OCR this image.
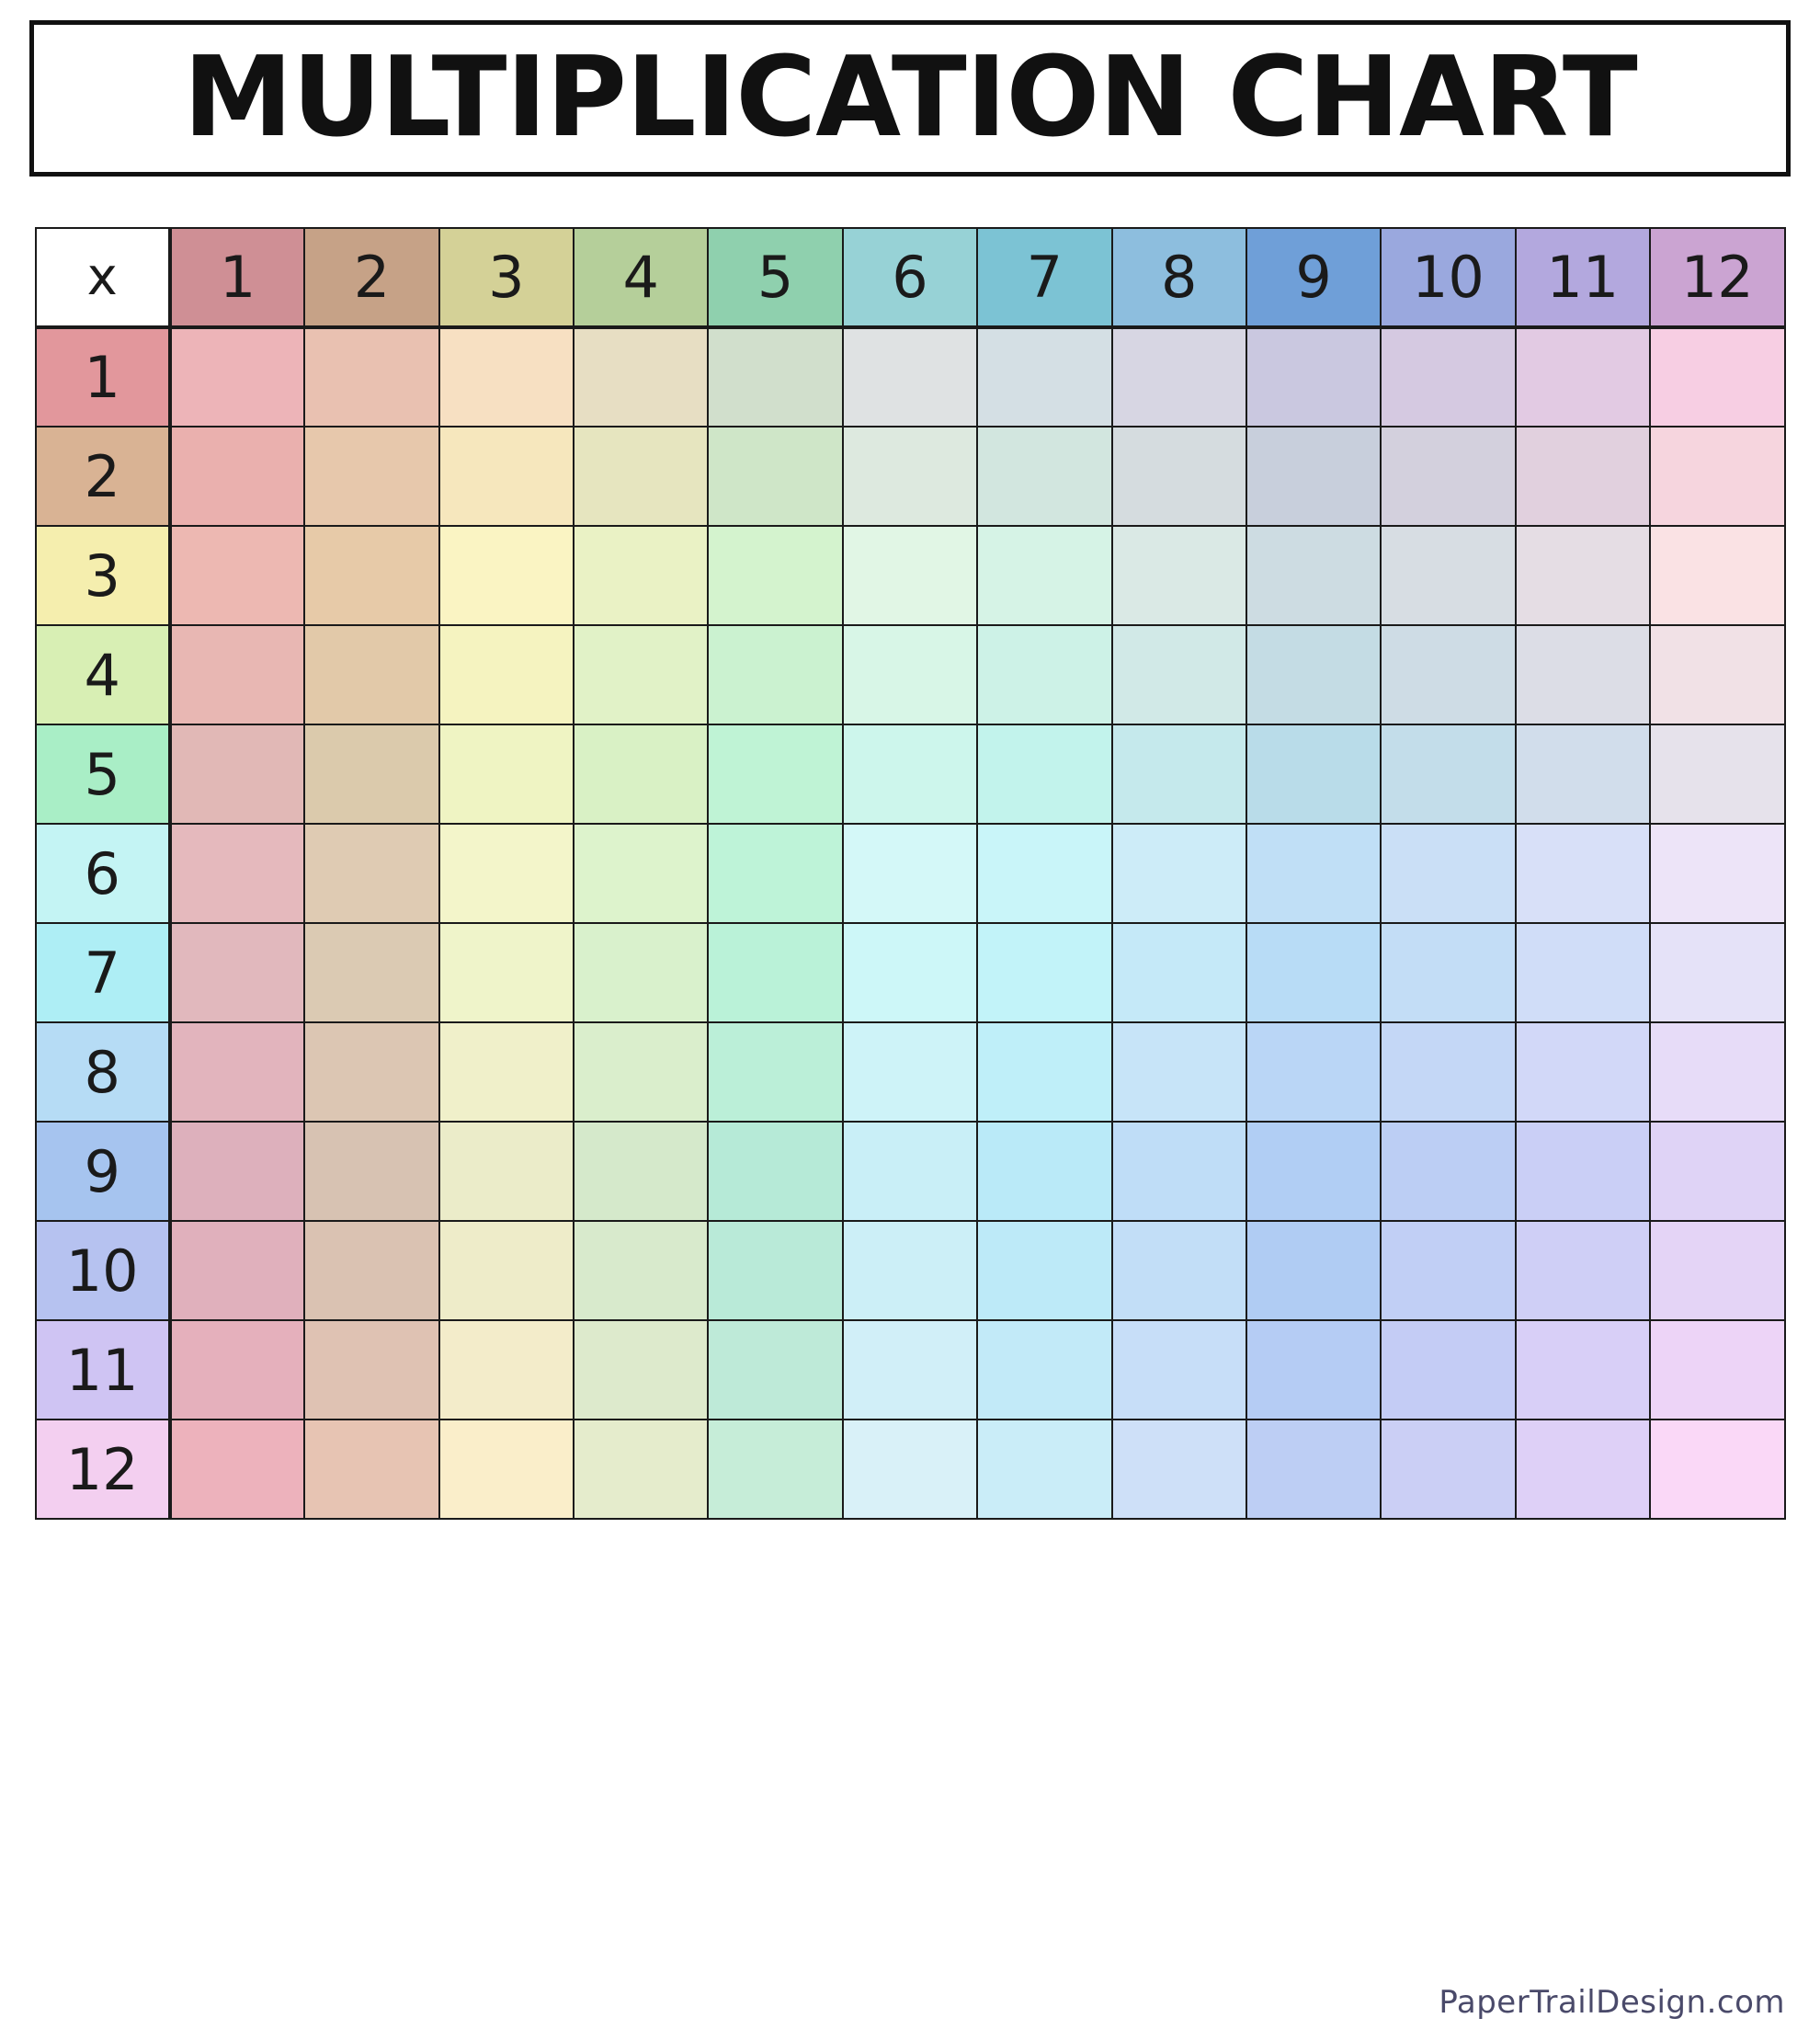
MULTIPLICATION CHART
x	1	2	3	4	5	6	7	8	9	10	11	12
1												
2												
3												
4												
5												
6												
7												
8												
9												
10												
11												
12												
PaperTrailDesign.com
